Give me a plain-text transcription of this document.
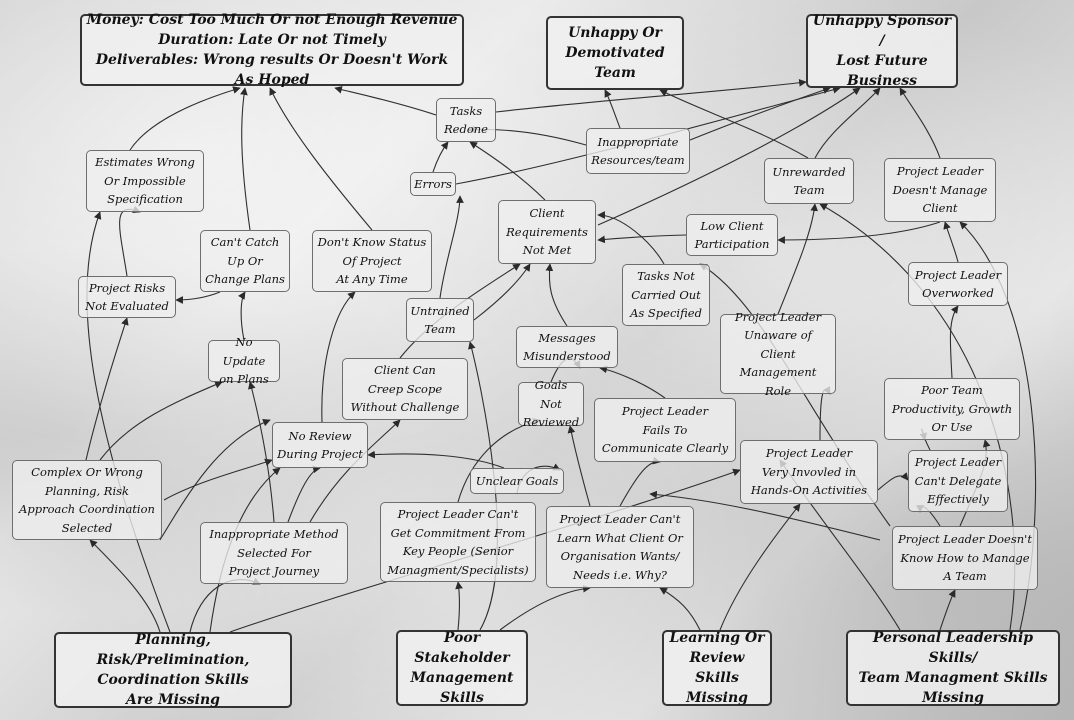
Money: Cost Too Much Or not Enough Revenue
Duration: Late Or not Timely
Deliverables: Wrong results Or Doesn't Work As Hoped
Unhappy Or
Demotivated Team
Unhappy Sponsor /
Lost Future Business
Tasks
Redone
Inappropriate
Resources/team
Estimates Wrong
Or Impossible
Specification
Errors
Unrewarded
Team
Project Leader
Doesn't Manage
Client
Client
Requirements
Not Met
Low Client
Participation
Can't Catch
Up Or
Change Plans
Don't Know Status
Of Project
At Any Time
Project Risks
Not Evaluated
Tasks Not
Carried Out
As Specified
Project Leader
Overworked
Untrained
Team
Messages
Misunderstood
Project Leader
Unaware of
Client
Management Role
No Update
on Plans
Client Can
Creep Scope
Without Challenge
Goals Not
Reviewed
Project Leader
Fails To
Communicate Clearly
Poor Team
Productivity, Growth
Or Use
No Review
During Project	Project Leader
Very Invovled in
Hands-On Activities
Project Leader
Can't Delegate
Effectively
Complex Or Wrong
Planning, Risk
Approach Coordination
Selected
Unclear Goals
Project Leader Can't
Get Commitment From
Key People (Senior
Managment/Specialists)
Project Leader Can't
Learn What Client Or
Organisation Wants/
Needs i.e. Why?
Project Leader Doesn't
Know How to Manage
A Team
Inappropriate Method
Selected For
Project Journey
Planning, Risk/Prelimination,
Coordination Skills
Are Missing
Poor Stakeholder
Management
Skills
Learning Or
Review Skills
Missing
Personal Leadership Skills/
Team Managment Skills
Missing
